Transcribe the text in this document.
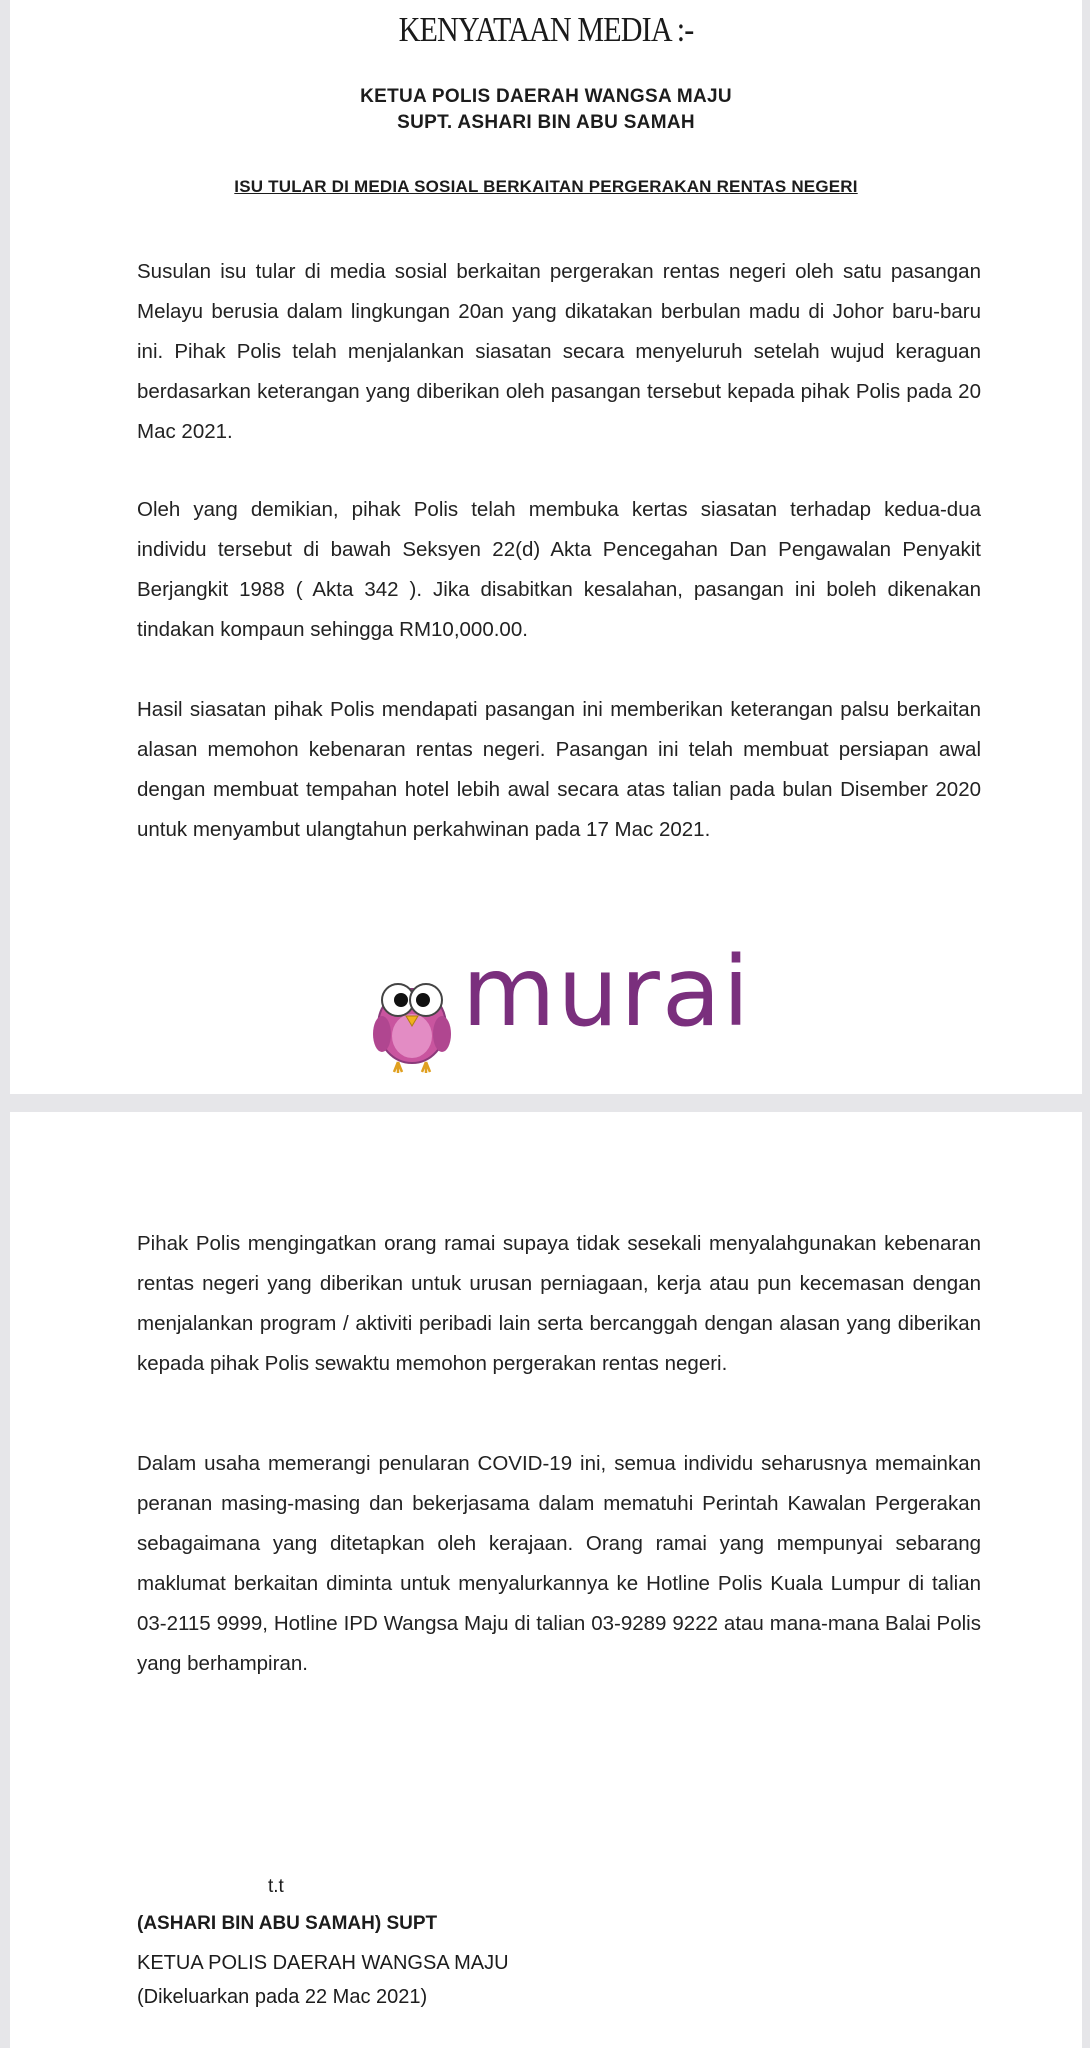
KENYATAAN MEDIA :-
KETUA POLIS DAERAH WANGSA MAJU
SUPT. ASHARI BIN ABU SAMAH
ISU TULAR DI MEDIA SOSIAL BERKAITAN PERGERAKAN RENTAS NEGERI

Susulan isu tular di media sosial berkaitan pergerakan rentas negeri oleh satu pasangan Melayu berusia dalam lingkungan 20an yang dikatakan berbulan madu di Johor baru-baru ini. Pihak Polis telah menjalankan siasatan secara menyeluruh setelah wujud keraguan berdasarkan keterangan yang diberikan oleh pasangan tersebut kepada pihak Polis pada 20 Mac 2021.

Oleh yang demikian, pihak Polis telah membuka kertas siasatan terhadap kedua-dua individu tersebut di bawah Seksyen 22(d) Akta Pencegahan Dan Pengawalan Penyakit Berjangkit 1988 ( Akta 342 ). Jika disabitkan kesalahan, pasangan ini boleh dikenakan tindakan kompaun sehingga RM10,000.00.

Hasil siasatan pihak Polis mendapati pasangan ini memberikan keterangan palsu berkaitan alasan memohon kebenaran rentas negeri. Pasangan ini telah membuat persiapan awal dengan membuat tempahan hotel lebih awal secara atas talian pada bulan Disember 2020 untuk menyambut ulangtahun perkahwinan pada 17 Mac 2021.

murai

Pihak Polis mengingatkan orang ramai supaya tidak sesekali menyalahgunakan kebenaran rentas negeri yang diberikan untuk urusan perniagaan, kerja atau pun kecemasan dengan menjalankan program / aktiviti peribadi lain serta bercanggah dengan alasan yang diberikan kepada pihak Polis sewaktu memohon pergerakan rentas negeri.

Dalam usaha memerangi penularan COVID-19 ini, semua individu seharusnya memainkan peranan masing-masing dan bekerjasama dalam mematuhi Perintah Kawalan Pergerakan sebagaimana yang ditetapkan oleh kerajaan. Orang ramai yang mempunyai sebarang maklumat berkaitan diminta untuk menyalurkannya ke Hotline Polis Kuala Lumpur di talian 03-2115 9999, Hotline IPD Wangsa Maju di talian 03-9289 9222 atau mana-mana Balai Polis yang berhampiran.

t.t
(ASHARI BIN ABU SAMAH) SUPT
KETUA POLIS DAERAH WANGSA MAJU
(Dikeluarkan pada 22 Mac 2021)
